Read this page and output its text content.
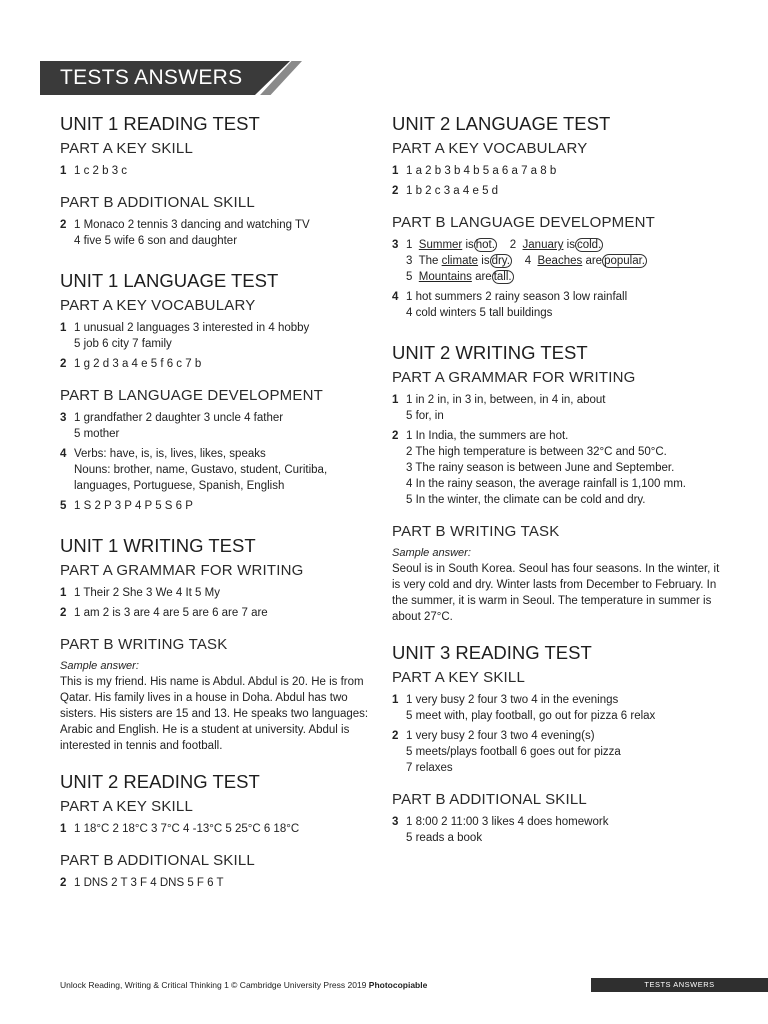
TESTS ANSWERS
UNIT 1 READING TEST
PART A KEY SKILL
1 1 c 2 b 3 c
PART B ADDITIONAL SKILL
2 1 Monaco 2 tennis 3 dancing and watching TV
4 five 5 wife 6 son and daughter
UNIT 1 LANGUAGE TEST
PART A KEY VOCABULARY
1 1 unusual 2 languages 3 interested in 4 hobby
5 job 6 city 7 family
2 1 g 2 d 3 a 4 e 5 f 6 c 7 b
PART B LANGUAGE DEVELOPMENT
3 1 grandfather 2 daughter 3 uncle 4 father
5 mother
4 Verbs: have, is, is, lives, likes, speaks
Nouns: brother, name, Gustavo, student, Curitiba,
languages, Portuguese, Spanish, English
5 1 S 2 P 3 P 4 P 5 S 6 P
UNIT 1 WRITING TEST
PART A GRAMMAR FOR WRITING
1 1 Their 2 She 3 We 4 It 5 My
2 1 am 2 is 3 are 4 are 5 are 6 are 7 are
PART B WRITING TASK
Sample answer:

This is my friend. His name is Abdul. Abdul is 20. He is from Qatar. His family lives in a house in Doha. Abdul has two sisters. His sisters are 15 and 13. He speaks two languages: Arabic and English. He is a student at university. Abdul is interested in tennis and football.

UNIT 2 READING TEST
PART A KEY SKILL
1 1 18°C 2 18°C 3 7°C 4 -13°C 5 25°C 6 18°C
PART B ADDITIONAL SKILL
2 1 DNS 2 T 3 F 4 DNS 5 F 6 T
UNIT 2 LANGUAGE TEST
PART A KEY VOCABULARY
1 1 a 2 b 3 b 4 b 5 a 6 a 7 a 8 b
2 1 b 2 c 3 a 4 e 5 d
PART B LANGUAGE DEVELOPMENT
3 1 Summer is hot. 2 January is cold.
3 The climate is dry. 4 Beaches are popular.
5 Mountains are tall.
4 1 hot summers 2 rainy season 3 low rainfall
4 cold winters 5 tall buildings
UNIT 2 WRITING TEST
PART A GRAMMAR FOR WRITING
1 1 in 2 in, in 3 in, between, in 4 in, about
5 for, in
2 1 In India, the summers are hot.
2 The high temperature is between 32°C and 50°C.
3 The rainy season is between June and September.
4 In the rainy season, the average rainfall is 1,100 mm.
5 In the winter, the climate can be cold and dry.
PART B WRITING TASK
Sample answer:

Seoul is in South Korea. Seoul has four seasons. In the winter, it is very cold and dry. Winter lasts from December to February. In the summer, it is warm in Seoul. The temperature in summer is about 27°C.

UNIT 3 READING TEST
PART A KEY SKILL
1 1 very busy 2 four 3 two 4 in the evenings
5 meet with, play football, go out for pizza 6 relax
2 1 very busy 2 four 3 two 4 evening(s)
5 meets/plays football 6 goes out for pizza
7 relaxes
PART B ADDITIONAL SKILL
3 1 8:00 2 11:00 3 likes 4 does homework
5 reads a book
Unlock Reading, Writing & Critical Thinking 1 © Cambridge University Press 2019 Photocopiable	TESTS ANSWERS
